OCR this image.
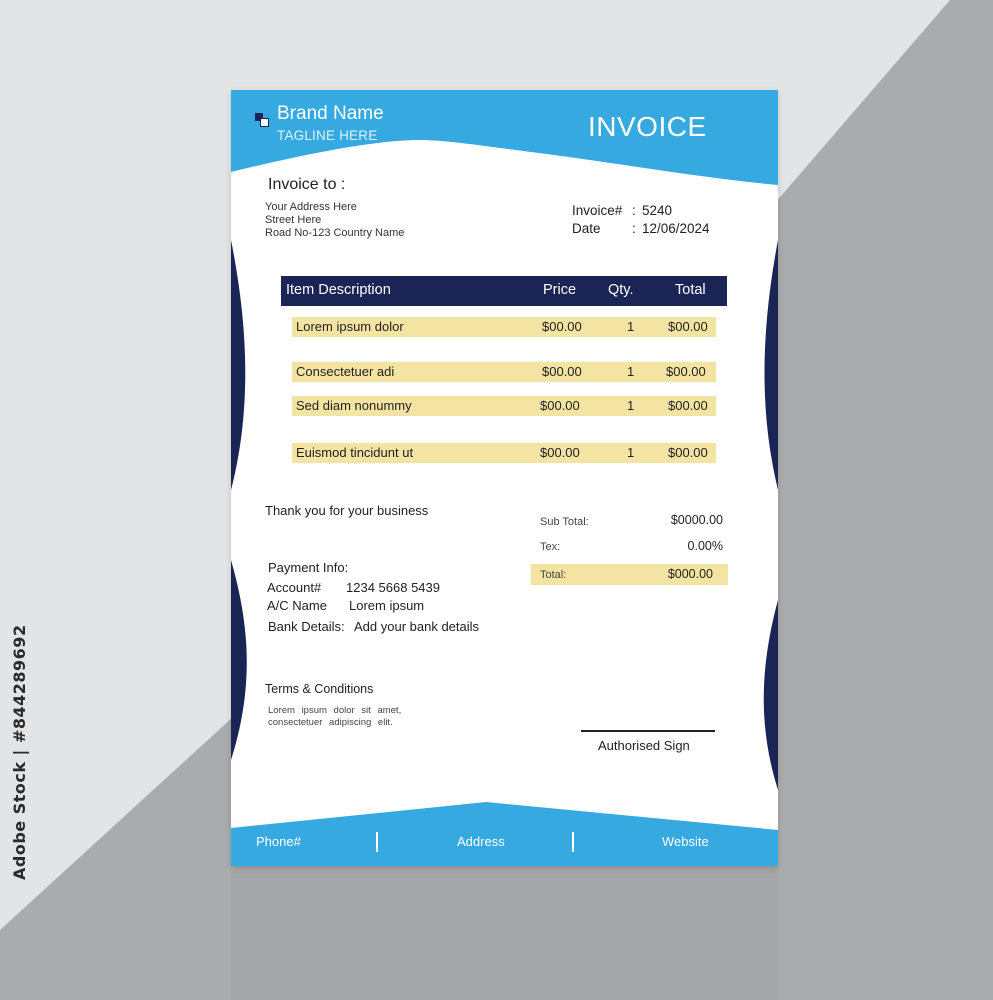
Adobe Stock | #844289692
Brand Name
TAGLINE HERE	INVOICE
Invoice to :
Your Address Here
Street Here
Road No-123 Country Name
Invoice# : 5240
Date : 12/06/2024
Item Description	Price Qty.	Total
Lorem ipsum dolor	$00.00	1	$00.00
Consectetuer adi	$00.00	1 $00.00
Sed diam nonummy	$00.00	1	$00.00
Euismod tincidunt ut	$00.00	1	$00.00
Thank you for your business
Sub Total:	$0000.00
Tex:	0.00%
Total:	$000.00
Payment Info:
Account# 1234 5668 5439
A/C Name Lorem ipsum
Bank Details: Add your bank details
Terms & Conditions
Lorem ipsum dolor sit amet, consectetuer adipiscing elit.
Authorised Sign
Phone#	Address	Website
